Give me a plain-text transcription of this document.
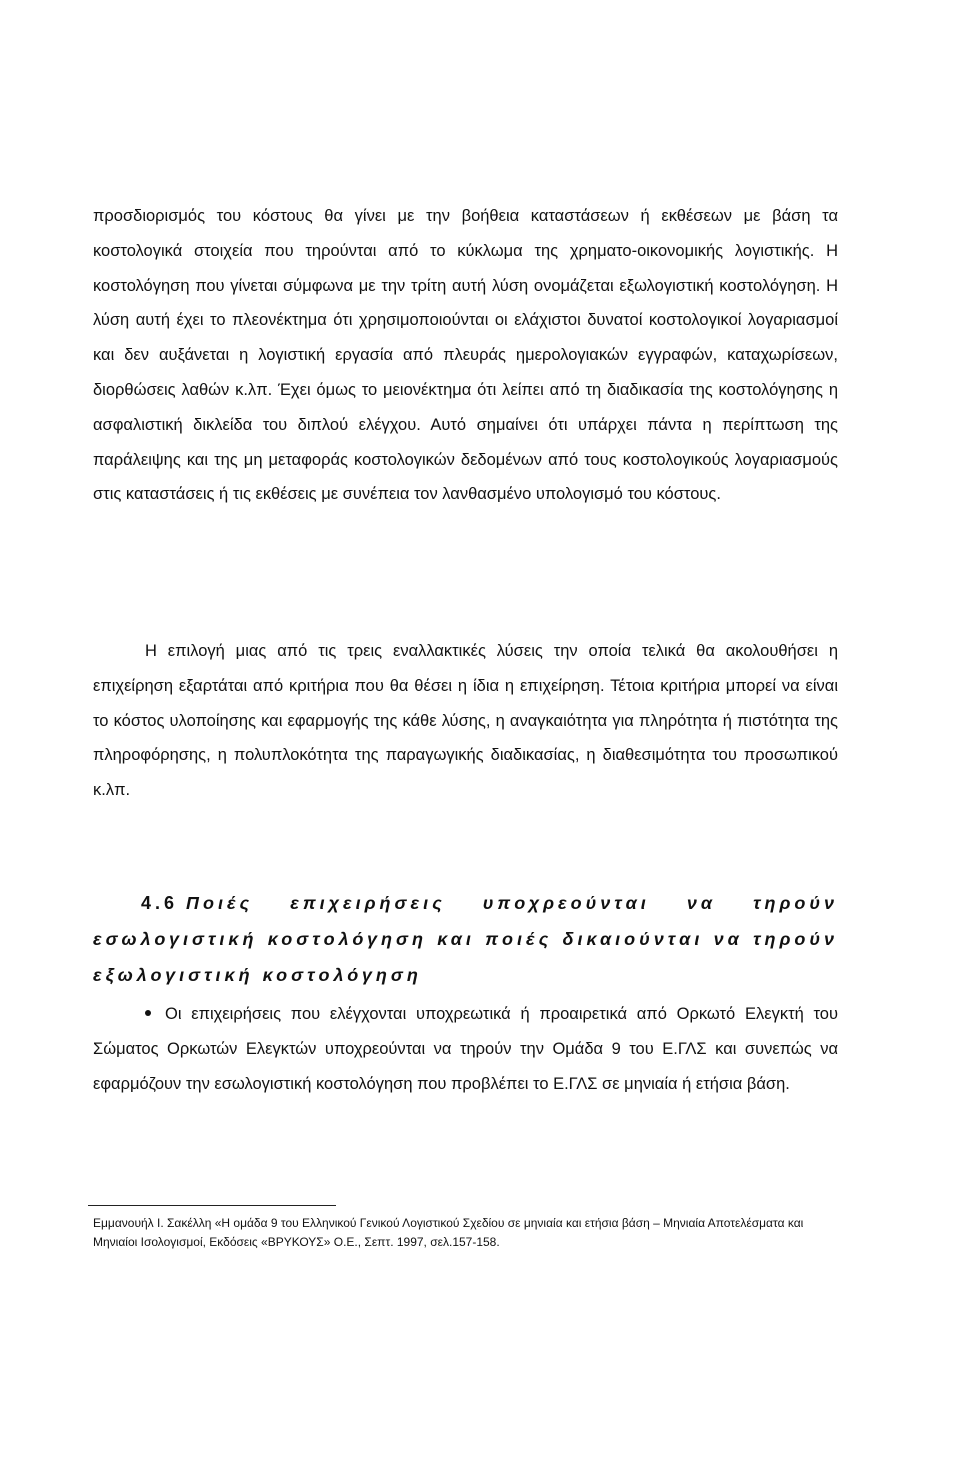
προσδιορισμός του κόστους θα γίνει με την βοήθεια καταστάσεων ή εκθέσεων με βάση τα κοστολογικά στοιχεία που τηρούνται από το κύκλωμα της χρηματο-οικονομικής λογιστικής. Η κοστολόγηση που γίνεται σύμφωνα με την τρίτη αυτή λύση ονομάζεται εξωλογιστική κοστολόγηση. Η λύση αυτή έχει το πλεονέκτημα ότι χρησιμοποιούνται οι ελάχιστοι δυνατοί κοστολογικοί λογαριασμοί και δεν αυξάνεται η λογιστική εργασία από πλευράς ημερολογιακών εγγραφών, καταχωρίσεων, διορθώσεις λαθών κ.λπ. Έχει όμως το μειονέκτημα ότι λείπει από τη διαδικασία της κοστολόγησης η ασφαλιστική δικλείδα του διπλού ελέγχου. Αυτό σημαίνει ότι υπάρχει πάντα η περίπτωση της παράλειψης και της μη μεταφοράς κοστολογικών δεδομένων από τους κοστολογικούς λογαριασμούς στις καταστάσεις ή τις εκθέσεις με συνέπεια τον λανθασμένο υπολογισμό του κόστους.

Η επιλογή μιας από τις τρεις εναλλακτικές λύσεις την οποία τελικά θα ακολουθήσει η επιχείρηση εξαρτάται από κριτήρια που θα θέσει η ίδια η επιχείρηση. Τέτοια κριτήρια μπορεί να είναι το κόστος υλοποίησης και εφαρμογής της κάθε λύσης, η αναγκαιότητα για πληρότητα ή πιστότητα της πληροφόρησης, η πολυπλοκότητα της παραγωγικής διαδικασίας, η διαθεσιμότητα του προσωπικού κ.λπ.

4.6 Ποιές επιχειρήσεις υποχρεούνται να τηρούν εσωλογιστική κοστολόγηση και ποιές δικαιούνται να τηρούν εξωλογιστική κοστολόγηση

Οι επιχειρήσεις που ελέγχονται υποχρεωτικά ή προαιρετικά από Ορκωτό Ελεγκτή του Σώματος Ορκωτών Ελεγκτών υποχρεούνται να τηρούν την Ομάδα 9 του Ε.ΓΛΣ και συνεπώς να εφαρμόζουν την εσωλογιστική κοστολόγηση που προβλέπει το Ε.ΓΛΣ σε μηνιαία ή ετήσια βάση.

Εμμανουήλ Ι. Σακέλλη «Η ομάδα 9 του Ελληνικού Γενικού Λογιστικού Σχεδίου σε μηνιαία και ετήσια βάση – Μηνιαία Αποτελέσματα και Μηνιαίοι Ισολογισμοί, Εκδόσεις «ΒΡΥΚΟΥΣ» Ο.Ε., Σεπτ. 1997, σελ.157-158.
